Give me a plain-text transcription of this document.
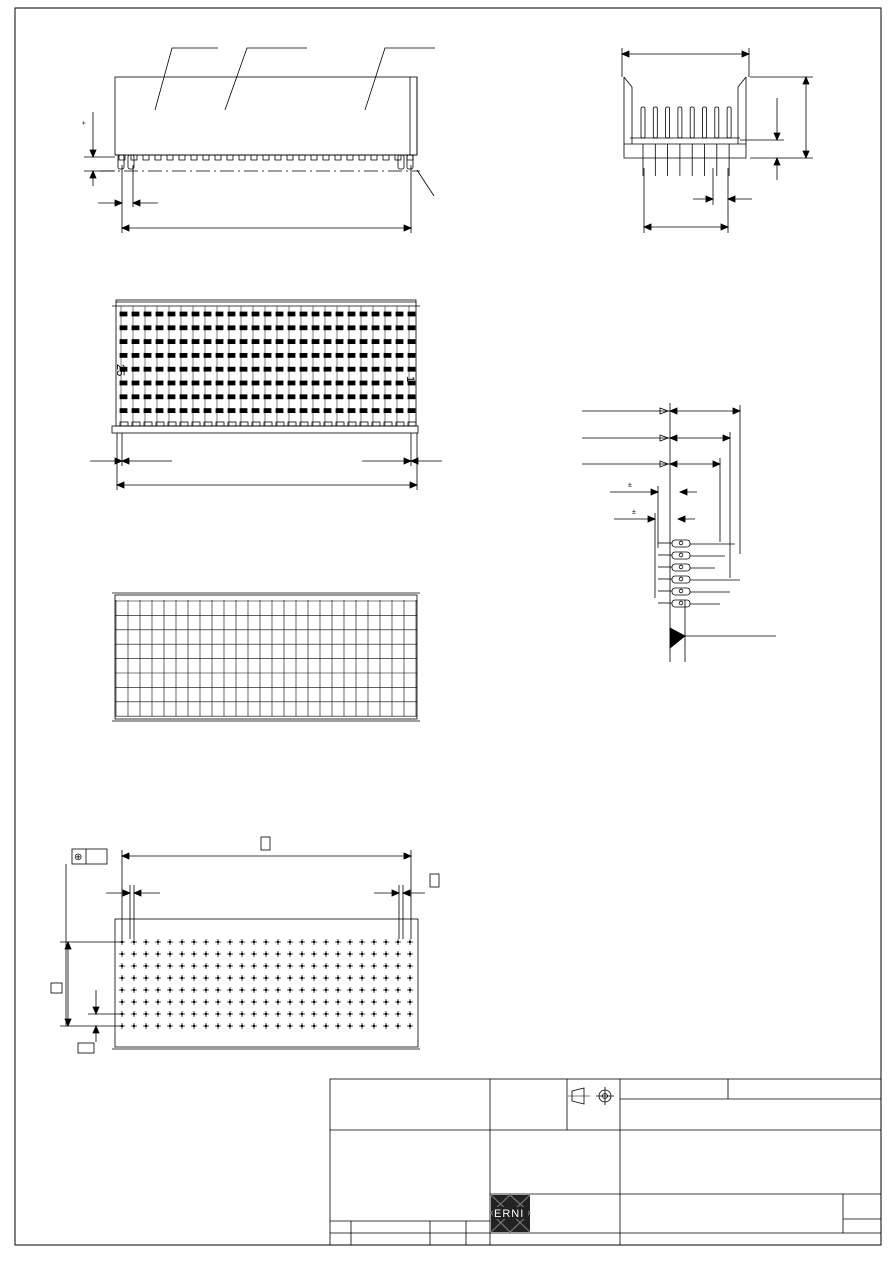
+
25
1
±
±
⊕
ERNI
